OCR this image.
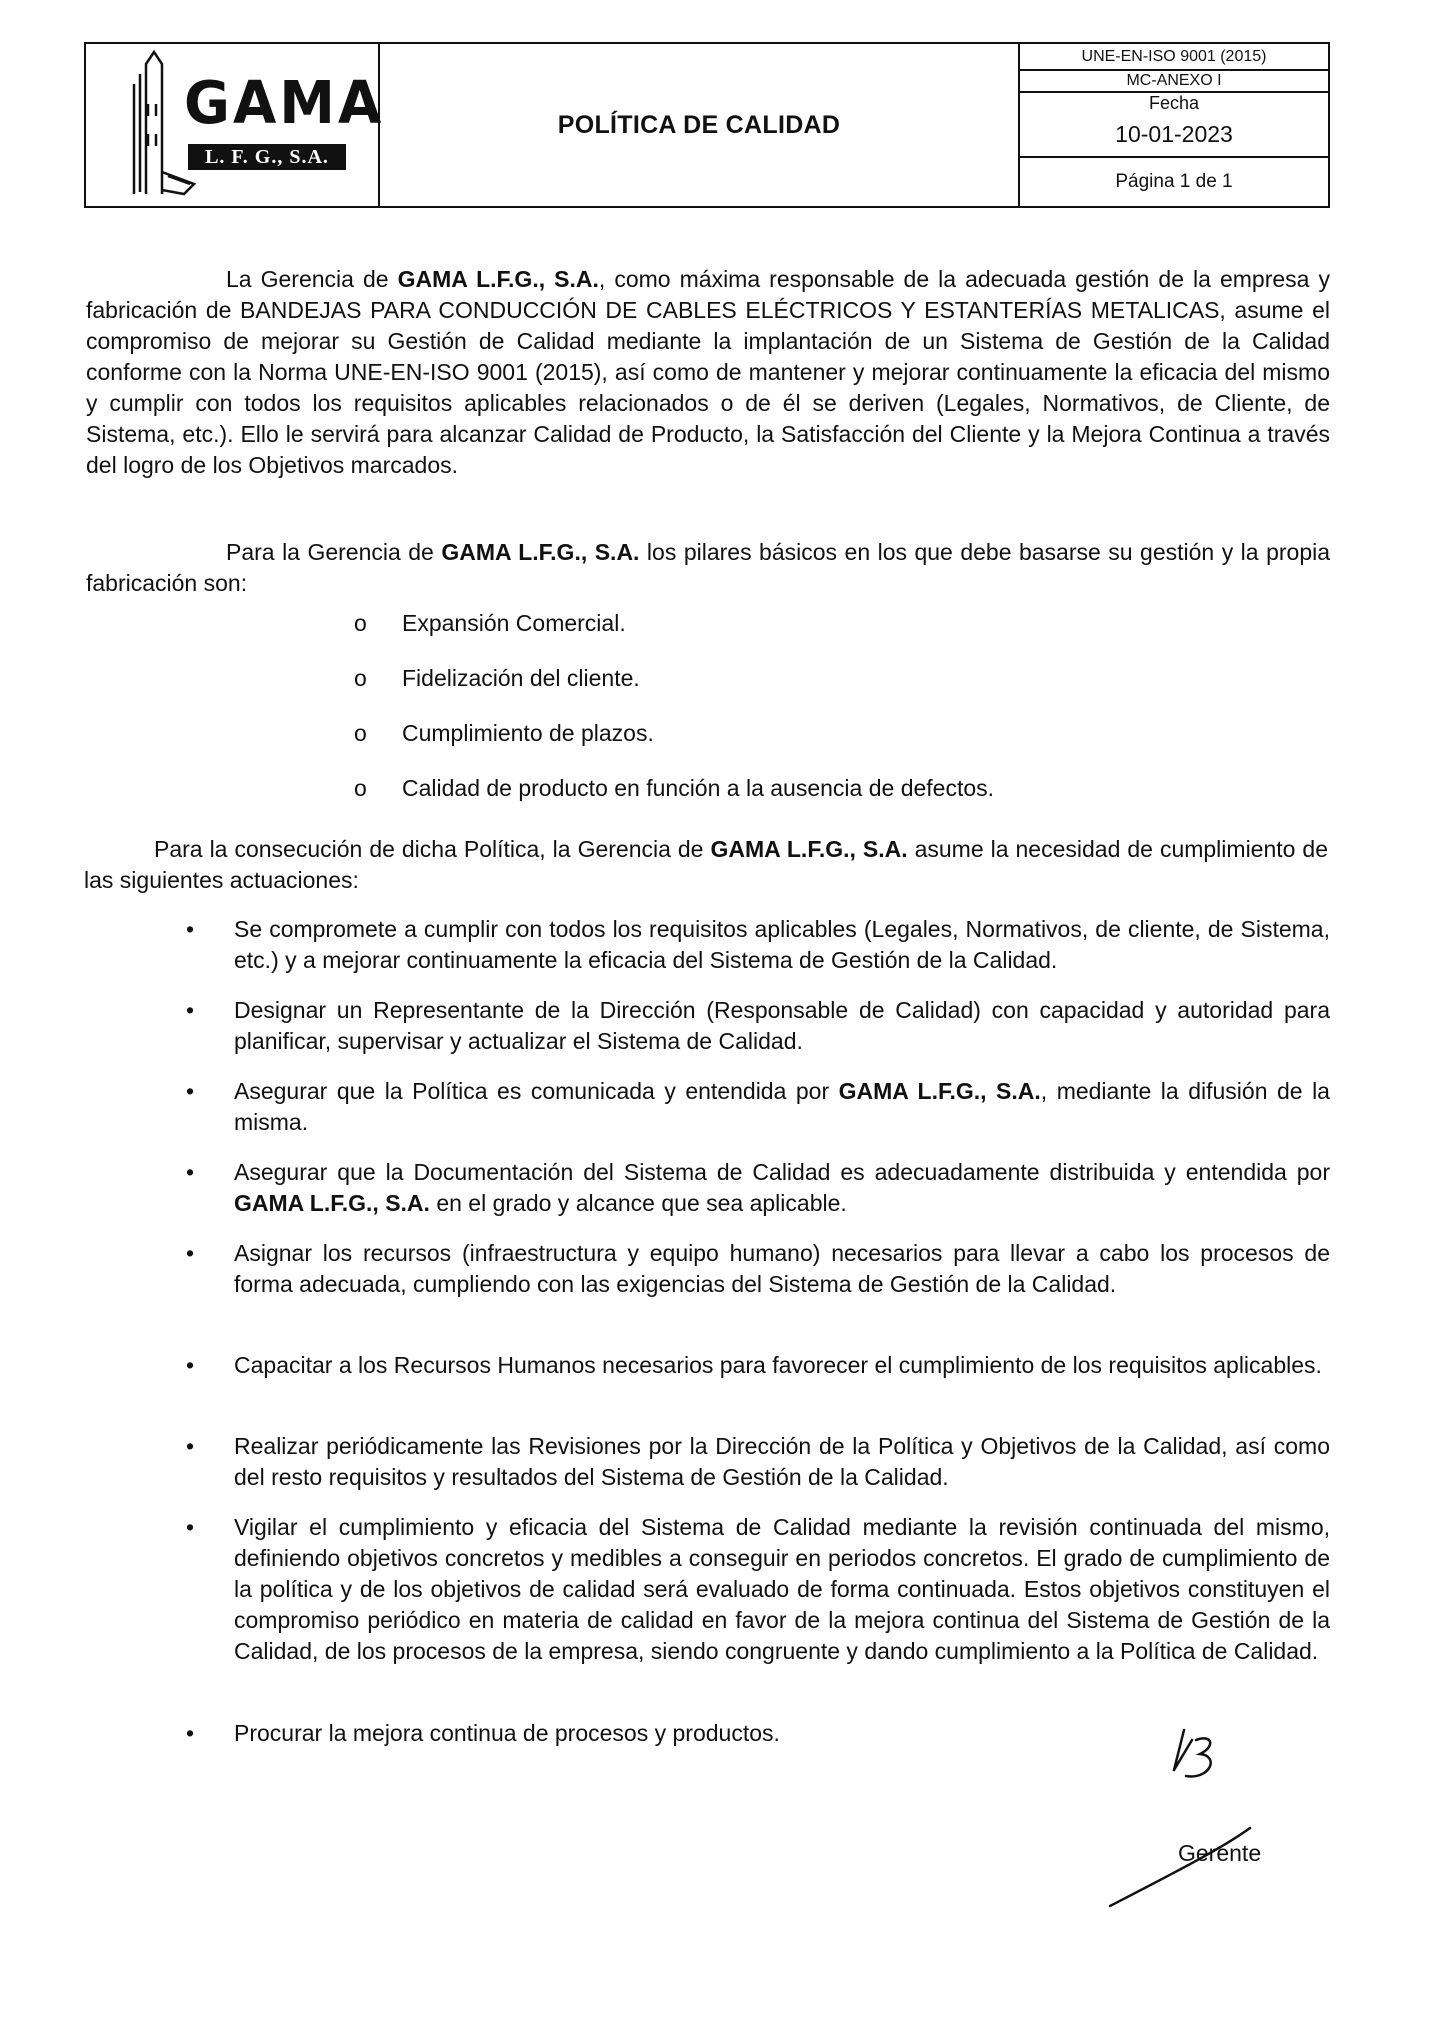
GAMA
L. F. G., S.A.
POLÍTICA DE CALIDAD
UNE-EN-ISO 9001 (2015)
MC-ANEXO I
Fecha
10-01-2023
Página 1 de 1

La Gerencia de GAMA L.F.G., S.A., como máxima responsable de la adecuada gestión de la empresa y fabricación de BANDEJAS PARA CONDUCCIÓN DE CABLES ELÉCTRICOS Y ESTANTERÍAS METALICAS, asume el compromiso de mejorar su Gestión de Calidad mediante la implantación de un Sistema de Gestión de la Calidad conforme con la Norma UNE-EN-ISO 9001 (2015), así como de mantener y mejorar continuamente la eficacia del mismo y cumplir con todos los requisitos aplicables relacionados o de él se deriven (Legales, Normativos, de Cliente, de Sistema, etc.). Ello le servirá para alcanzar Calidad de Producto, la Satisfacción del Cliente y la Mejora Continua a través del logro de los Objetivos marcados.

Para la Gerencia de GAMA L.F.G., S.A. los pilares básicos en los que debe basarse su gestión y la propia fabricación son:

o	Expansión Comercial.
o	Fidelización del cliente.
o	Cumplimiento de plazos.
o	Calidad de producto en función a la ausencia de defectos.

Para la consecución de dicha Política, la Gerencia de GAMA L.F.G., S.A. asume la necesidad de cumplimiento de las siguientes actuaciones:

•	Se compromete a cumplir con todos los requisitos aplicables (Legales, Normativos, de cliente, de Sistema, etc.) y a mejorar continuamente la eficacia del Sistema de Gestión de la Calidad.
•	Designar un Representante de la Dirección (Responsable de Calidad) con capacidad y autoridad para planificar, supervisar y actualizar el Sistema de Calidad.
•	Asegurar que la Política es comunicada y entendida por GAMA L.F.G., S.A., mediante la difusión de la misma.
•	Asegurar que la Documentación del Sistema de Calidad es adecuadamente distribuida y entendida por GAMA L.F.G., S.A. en el grado y alcance que sea aplicable.
•	Asignar los recursos (infraestructura y equipo humano) necesarios para llevar a cabo los procesos de forma adecuada, cumpliendo con las exigencias del Sistema de Gestión de la Calidad.
•	Capacitar a los Recursos Humanos necesarios para favorecer el cumplimiento de los requisitos aplicables.
•	Realizar periódicamente las Revisiones por la Dirección de la Política y Objetivos de la Calidad, así como del resto requisitos y resultados del Sistema de Gestión de la Calidad.
•	Vigilar el cumplimiento y eficacia del Sistema de Calidad mediante la revisión continuada del mismo, definiendo objetivos concretos y medibles a conseguir en periodos concretos. El grado de cumplimiento de la política y de los objetivos de calidad será evaluado de forma continuada. Estos objetivos constituyen el compromiso periódico en materia de calidad en favor de la mejora continua del Sistema de Gestión de la Calidad, de los procesos de la empresa, siendo congruente y dando cumplimiento a la Política de Calidad.
•	Procurar la mejora continua de procesos y productos.
Gerente
